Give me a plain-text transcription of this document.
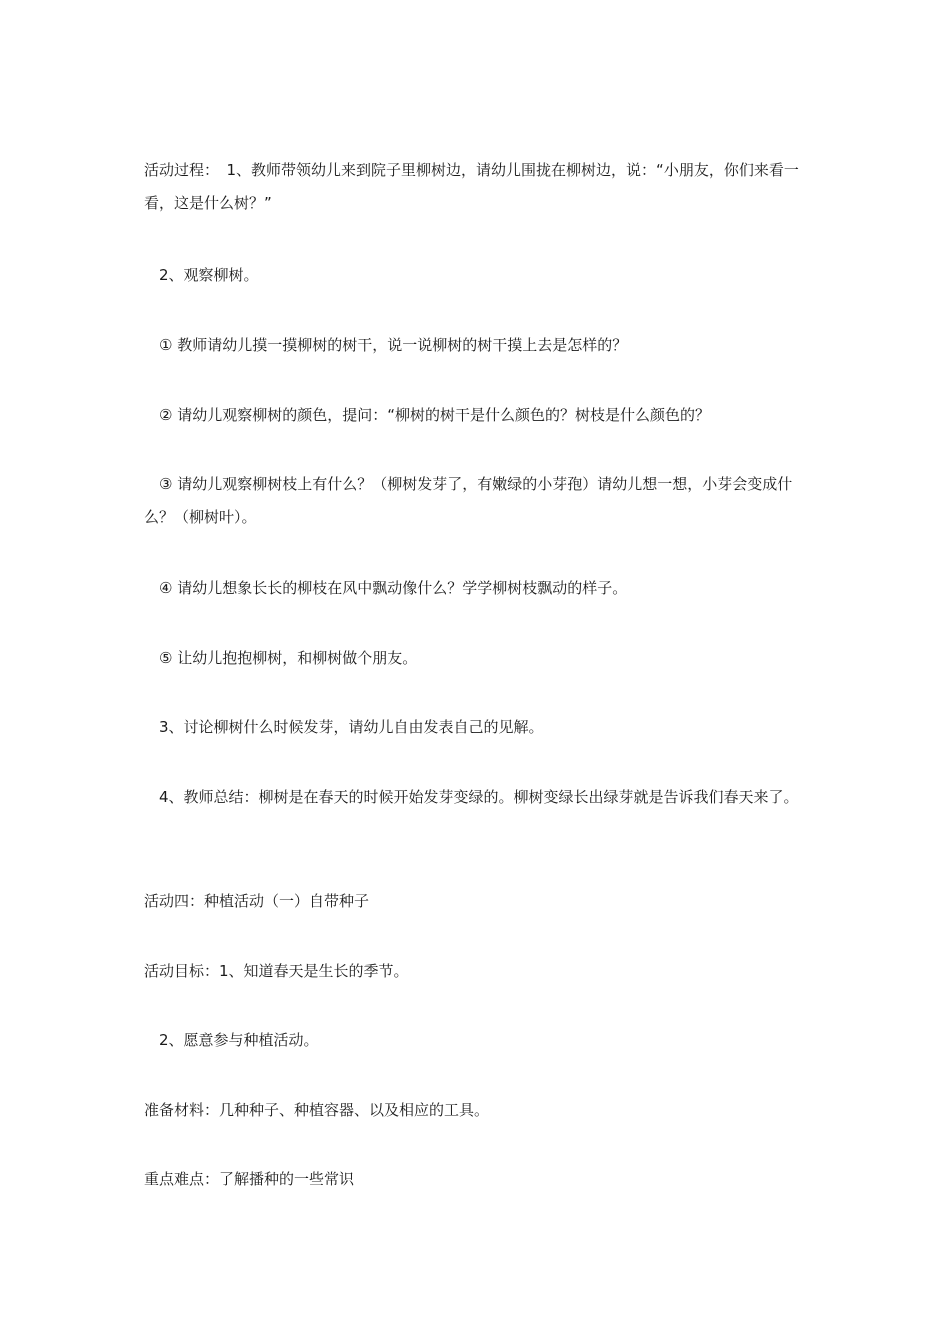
活动过程：　1、教师带领幼儿来到院子里柳树边，请幼儿围拢在柳树边，说：“小朋友，你们来看一看，这是什么树？”

　2、观察柳树。

　① 教师请幼儿摸一摸柳树的树干，说一说柳树的树干摸上去是怎样的？

　② 请幼儿观察柳树的颜色，提问：“柳树的树干是什么颜色的？树枝是什么颜色的？

　③ 请幼儿观察柳树枝上有什么？（柳树发芽了，有嫩绿的小芽孢）请幼儿想一想，小芽会变成什么？（柳树叶）。

　④ 请幼儿想象长长的柳枝在风中飘动像什么？学学柳树枝飘动的样子。

　⑤ 让幼儿抱抱柳树，和柳树做个朋友。

　3、讨论柳树什么时候发芽，请幼儿自由发表自己的见解。

　4、教师总结：柳树是在春天的时候开始发芽变绿的。柳树变绿长出绿芽就是告诉我们春天来了。

活动四：种植活动（一）自带种子

活动目标：1、知道春天是生长的季节。

　2、愿意参与种植活动。

准备材料：几种种子、种植容器、以及相应的工具。

重点难点：了解播种的一些常识
